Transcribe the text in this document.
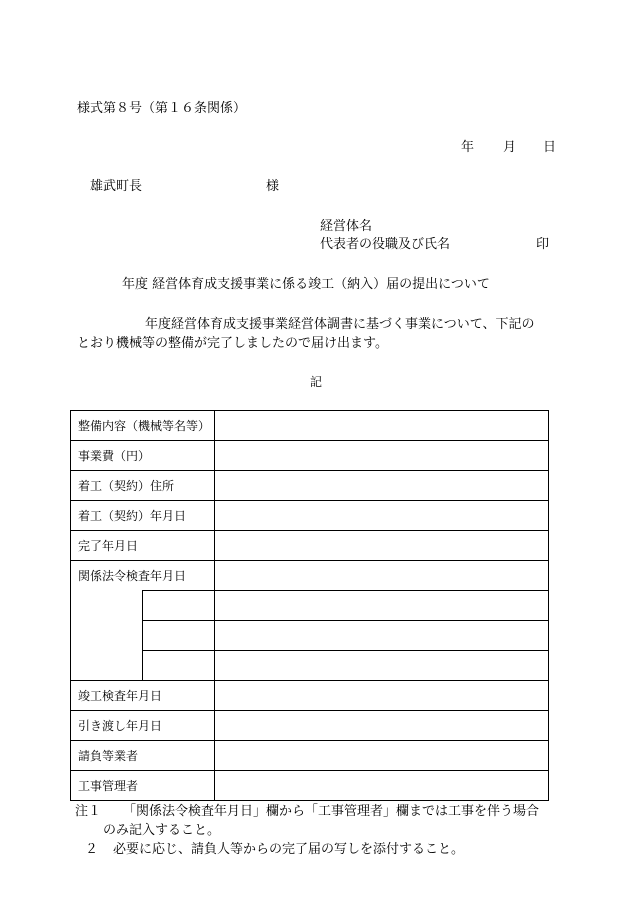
様式第８号（第１６条関係）
年 月 日
雄武町長	様
経営体名
代表者の役職及び氏名	印
年度 経営体育成支援事業に係る竣工（納入）届の提出について
年度経営体育成支援事業経営体調書に基づく事業について、下記の
とおり機械等の整備が完了しましたので届け出ます。
記
整備内容（機械等名等）		
事業費（円）		
着工（契約）住所		
着工（契約）年月日		
完了年月日		
関係法令検査年月日		

竣工検査年月日		
引き渡し年月日		
請負等業者		
工事管理者		
注１	「関係法令検査年月日」欄から「工事管理者」欄までは工事を伴う場合
のみ記入すること。
２	必要に応じ、請負人等からの完了届の写しを添付すること。
